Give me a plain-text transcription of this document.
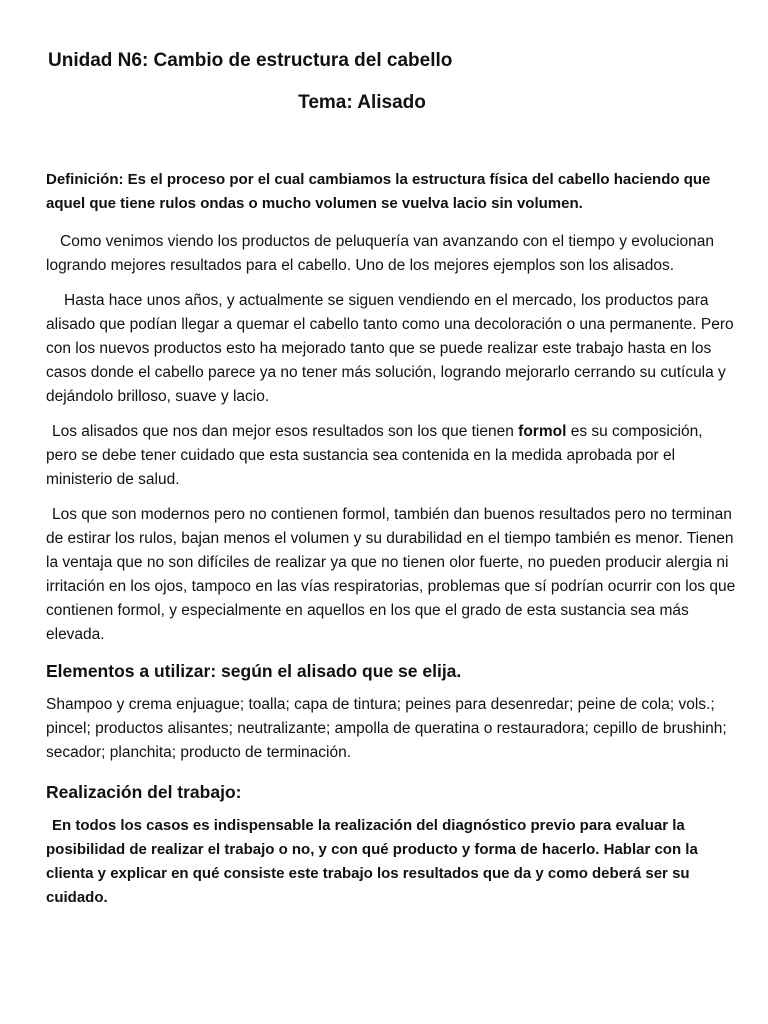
Unidad N6: Cambio de estructura del cabello
Tema: Alisado

Definición: Es el proceso por el cual cambiamos la estructura física del cabello haciendo que aquel que tiene rulos ondas o mucho volumen se vuelva lacio sin volumen.

Como venimos viendo los productos de peluquería van avanzando con el tiempo y evolucionan logrando mejores resultados para el cabello. Uno de los mejores ejemplos son los alisados.

Hasta hace unos años, y actualmente se siguen vendiendo en el mercado, los productos para alisado que podían llegar a quemar el cabello tanto como una decoloración o una permanente. Pero con los nuevos productos esto ha mejorado tanto que se puede realizar este trabajo hasta en los casos donde el cabello parece ya no tener más solución, logrando mejorarlo cerrando su cutícula y dejándolo brilloso, suave y lacio.

Los alisados que nos dan mejor esos resultados son los que tienen formol es su composición, pero se debe tener cuidado que esta sustancia sea contenida en la medida aprobada por el ministerio de salud.

Los que son modernos pero no contienen formol, también dan buenos resultados pero no terminan de estirar los rulos, bajan menos el volumen y su durabilidad en el tiempo también es menor. Tienen la ventaja que no son difíciles de realizar ya que no tienen olor fuerte, no pueden producir alergia ni irritación en los ojos, tampoco en las vías respiratorias, problemas que sí podrían ocurrir con los que contienen formol, y especialmente en aquellos en los que el grado de esta sustancia sea más elevada.

Elementos a utilizar: según el alisado que se elija.

Shampoo y crema enjuague; toalla; capa de tintura; peines para desenredar; peine de cola; vols.; pincel; productos alisantes; neutralizante; ampolla de queratina o restauradora; cepillo de brushinh; secador; planchita; producto de terminación.

Realización del trabajo:

En todos los casos es indispensable la realización del diagnóstico previo para evaluar la posibilidad de realizar el trabajo o no, y con qué producto y forma de hacerlo. Hablar con la clienta y explicar en qué consiste este trabajo los resultados que da y como deberá ser su cuidado.
